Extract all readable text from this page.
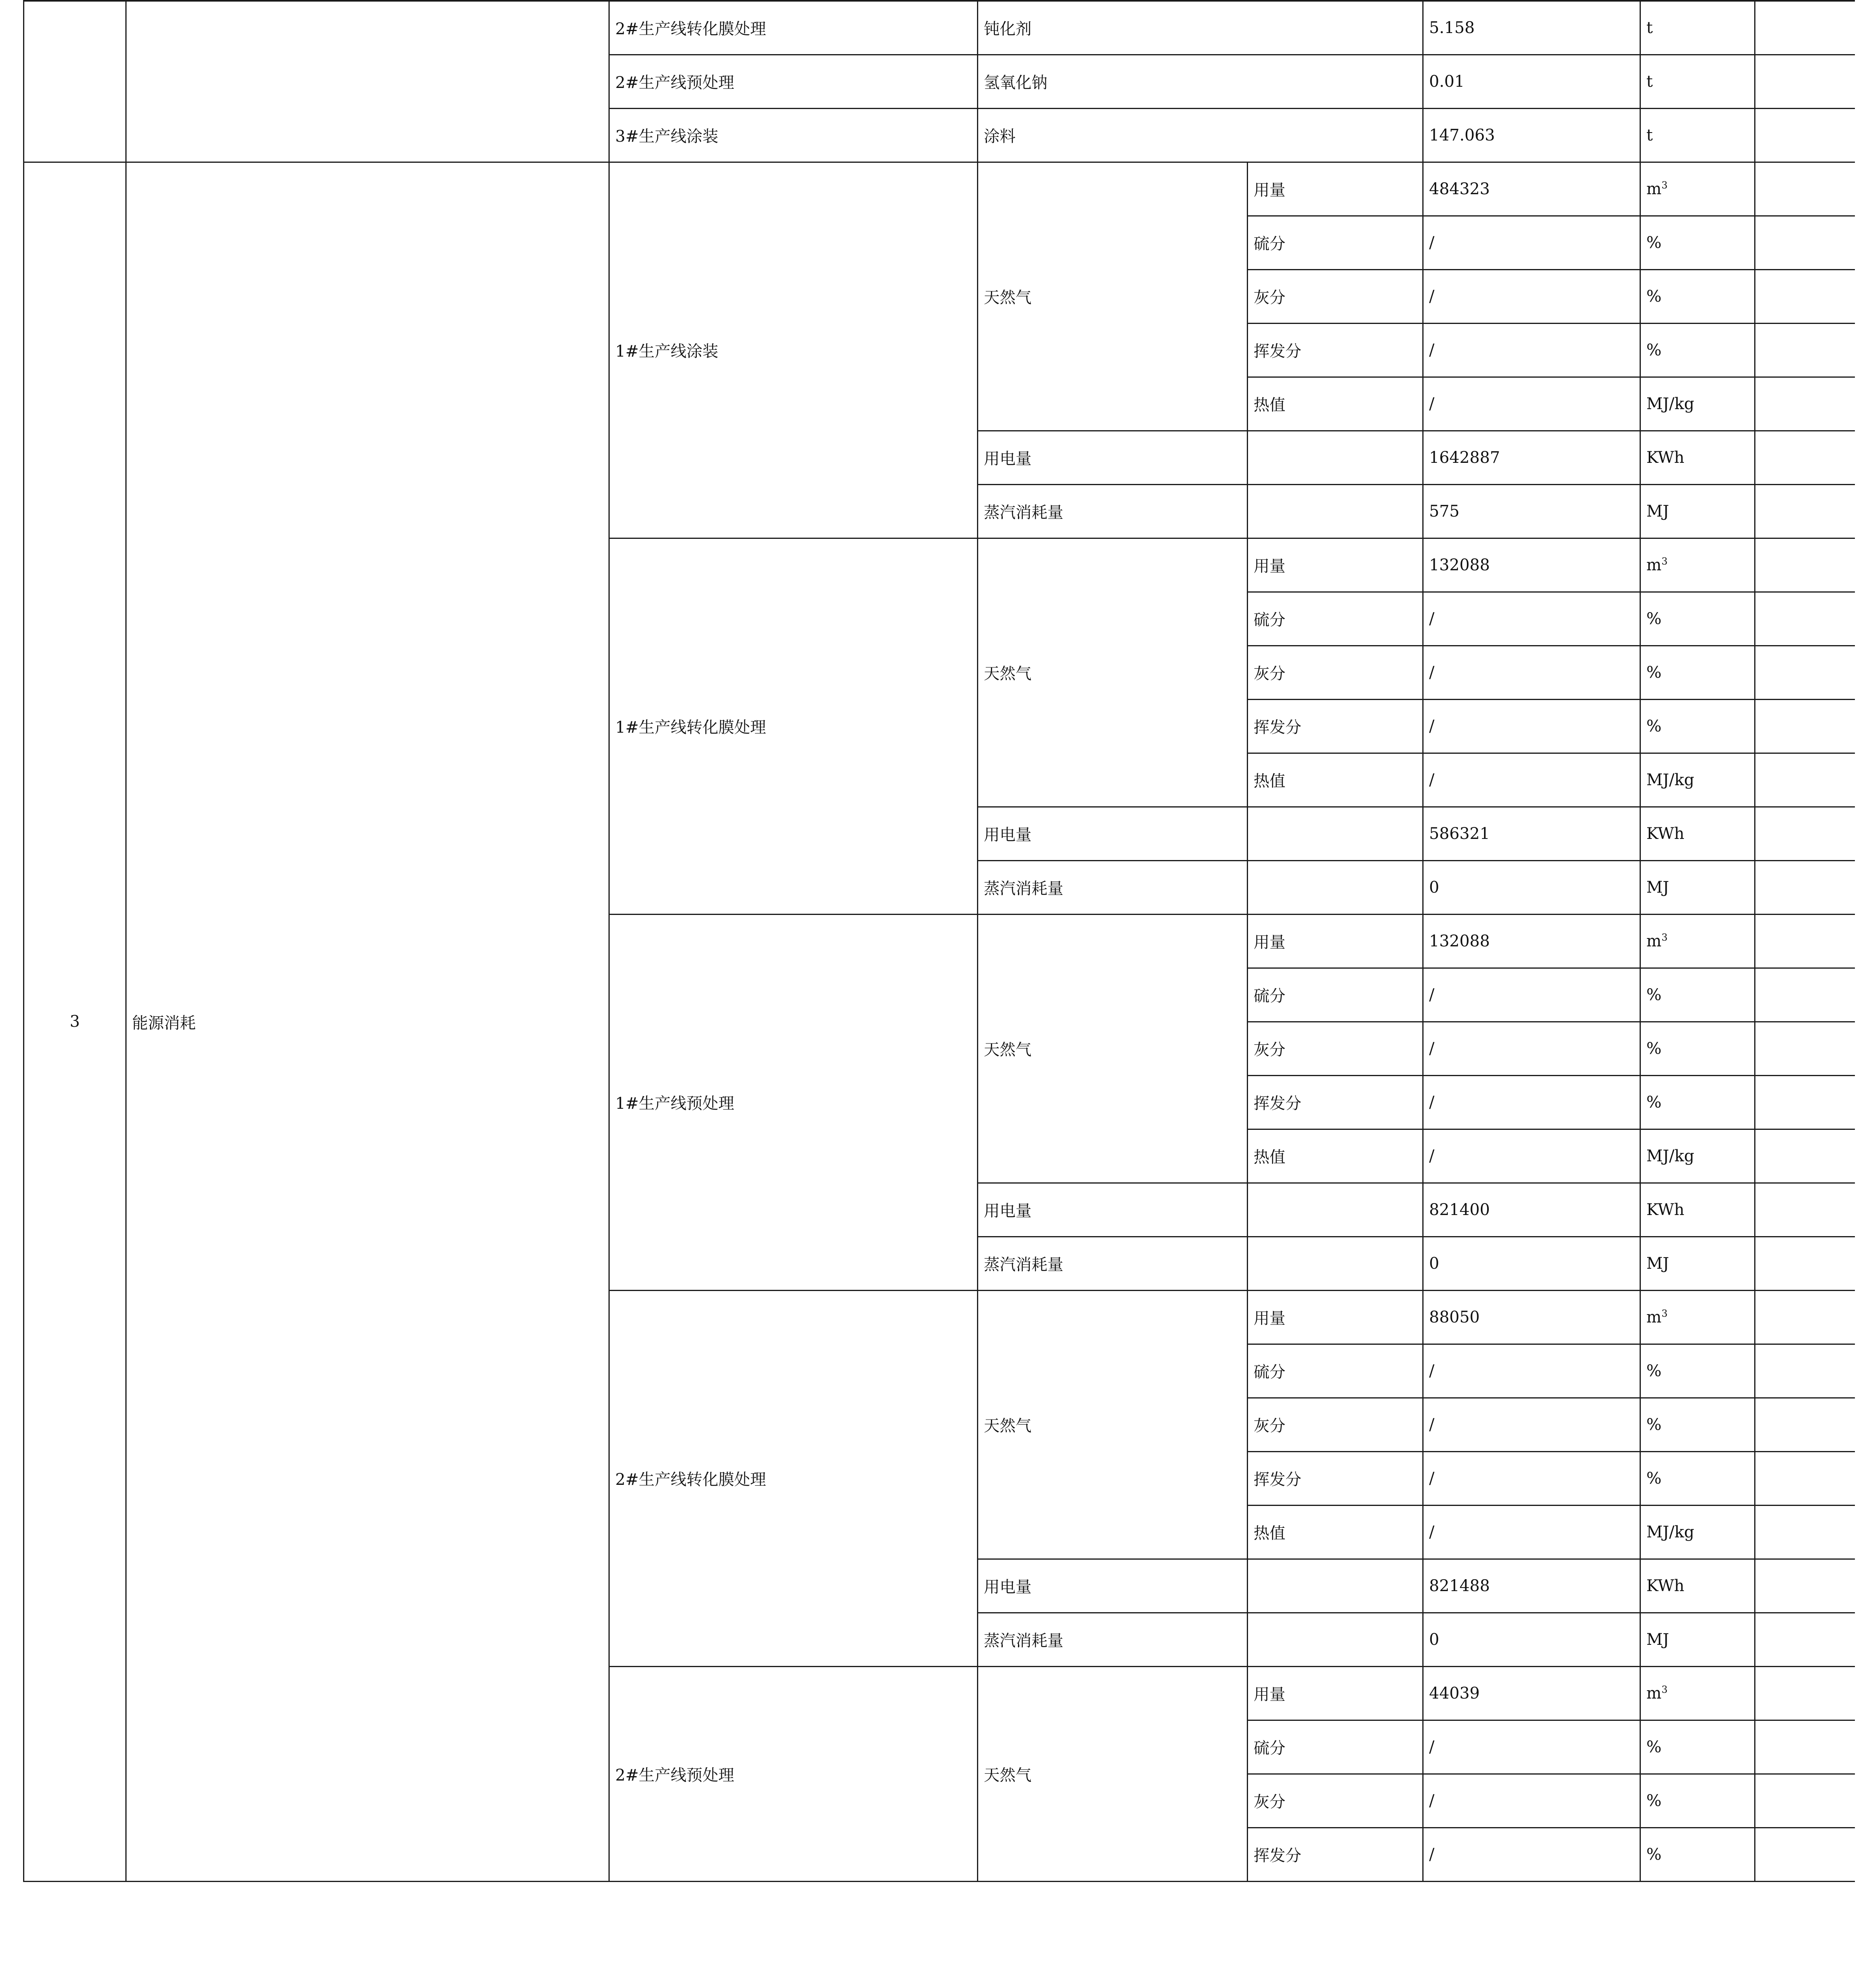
		2#生产线转化膜处理	钝化剂		5.158	t	
		2#生产线预处理	氢氧化钠		0.01	t	
		3#生产线涂装	涂料		147.063	t	
3	能源消耗	1#生产线涂装	天然气	用量	484323	$m^3$	
				硫分	/	%	
				灰分	/	%	
				挥发分	/	%	
				热值	/	MJ/kg	
			用电量		1642887	KWh	
			蒸汽消耗量		575	MJ	
		1#生产线转化膜处理	天然气	用量	132088	$m^3$	
				硫分	/	%	
				灰分	/	%	
				挥发分	/	%	
				热值	/	MJ/kg	
			用电量		586321	KWh	
			蒸汽消耗量		0	MJ	
		1#生产线预处理	天然气	用量	132088	$m^3$	
				硫分	/	%	
				灰分	/	%	
				挥发分	/	%	
				热值	/	MJ/kg	
			用电量		821400	KWh	
			蒸汽消耗量		0	MJ	
		2#生产线转化膜处理	天然气	用量	88050	$m^3$	
				硫分	/	%	
				灰分	/	%	
				挥发分	/	%	
				热值	/	MJ/kg	
			用电量		821488	KWh	
			蒸汽消耗量		0	MJ	
		2#生产线预处理	天然气	用量	44039	$m^3$	
				硫分	/	%	
				灰分	/	%	
				挥发分	/	%	
